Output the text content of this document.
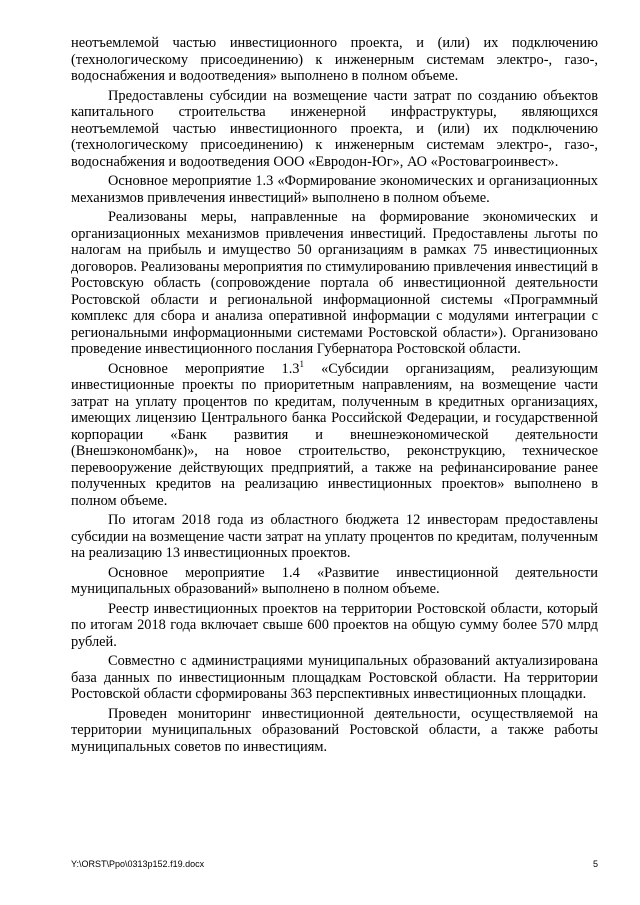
неотъемлемой частью инвестиционного проекта, и (или) их подключению (технологическому присоединению) к инженерным системам электро-, газо-, водоснабжения и водоотведения» выполнено в полном объеме.

Предоставлены субсидии на возмещение части затрат по созданию объектов капитального строительства инженерной инфраструктуры, являющихся неотъемлемой частью инвестиционного проекта, и (или) их подключению (технологическому присоединению) к инженерным системам электро-, газо-, водоснабжения и водоотведения ООО «Евродон-Юг», АО «Ростовагроинвест».

Основное мероприятие 1.3 «Формирование экономических и организационных механизмов привлечения инвестиций» выполнено в полном объеме.

Реализованы меры, направленные на формирование экономических и организационных механизмов привлечения инвестиций. Предоставлены льготы по налогам на прибыль и имущество 50 организациям в рамках 75 инвестиционных договоров. Реализованы мероприятия по стимулированию привлечения инвестиций в Ростовскую область (сопровождение портала об инвестиционной деятельности Ростовской области и региональной информационной системы «Программный комплекс для сбора и анализа оперативной информации с модулями интеграции с региональными информационными системами Ростовской области»). Организовано проведение инвестиционного послания Губернатора Ростовской области.

Основное мероприятие $1.3^1$ «Субсидии организациям, реализующим инвестиционные проекты по приоритетным направлениям, на возмещение части затрат на уплату процентов по кредитам, полученным в кредитных организациях, имеющих лицензию Центрального банка Российской Федерации, и государственной корпорации «Банк развития и внешнеэкономической деятельности (Внешэкономбанк)», на новое строительство, реконструкцию, техническое перевооружение действующих предприятий, а также на рефинансирование ранее полученных кредитов на реализацию инвестиционных проектов» выполнено в полном объеме.

По итогам 2018 года из областного бюджета 12 инвесторам предоставлены субсидии на возмещение части затрат на уплату процентов по кредитам, полученным на реализацию 13 инвестиционных проектов.

Основное мероприятие 1.4 «Развитие инвестиционной деятельности муниципальных образований» выполнено в полном объеме.

Реестр инвестиционных проектов на территории Ростовской области, который по итогам 2018 года включает свыше 600 проектов на общую сумму более 570 млрд рублей.

Совместно с администрациями муниципальных образований актуализирована база данных по инвестиционным площадкам Ростовской области. На территории Ростовской области сформированы 363 перспективных инвестиционных площадки.

Проведен мониторинг инвестиционной деятельности, осуществляемой на территории муниципальных образований Ростовской области, а также работы муниципальных советов по инвестициям.

Y:\ORST\Ppo\0313p152.f19.docx	5
